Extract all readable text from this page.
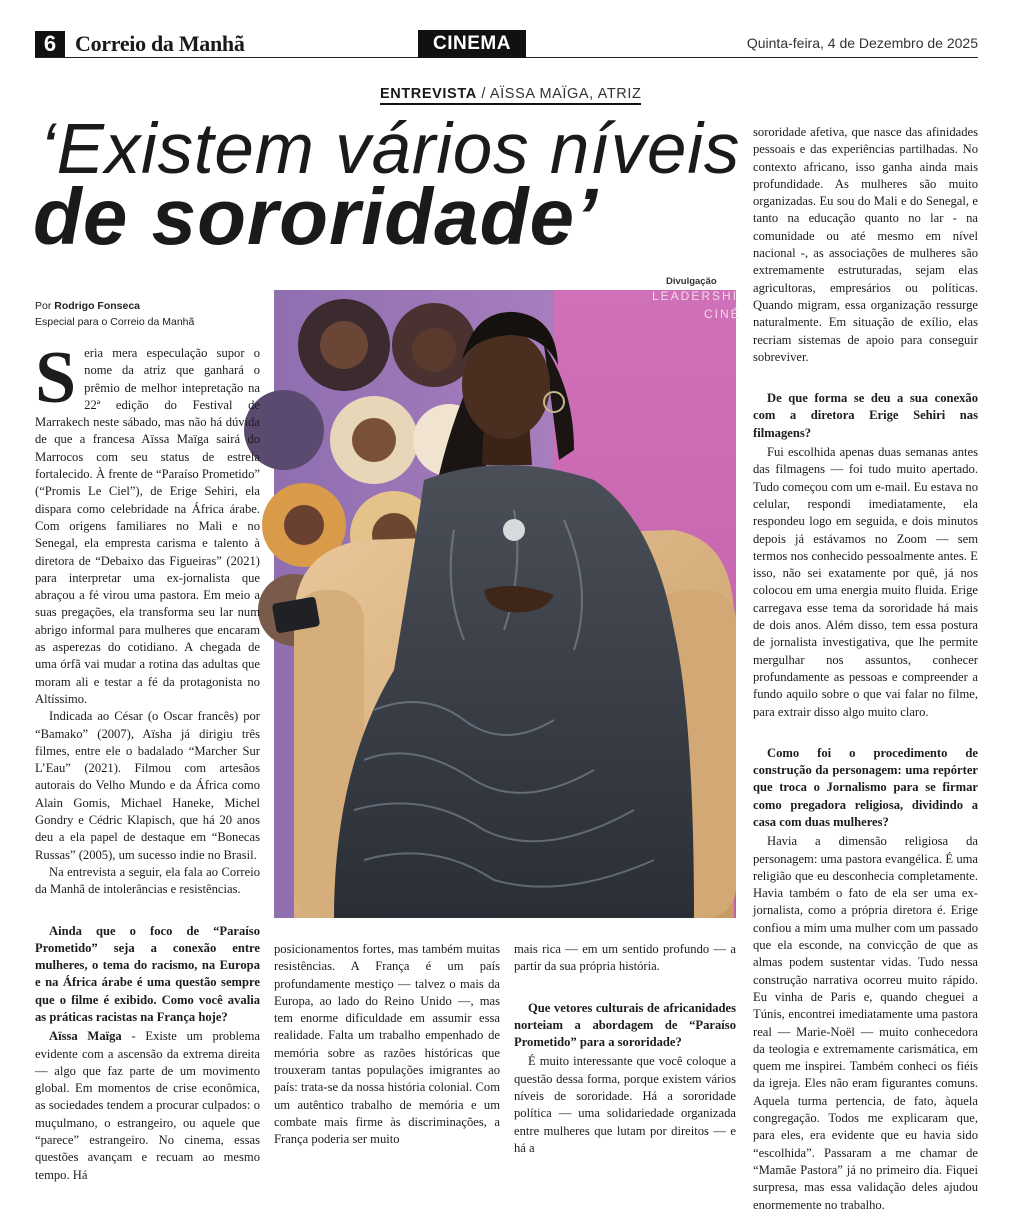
6 Correio da Manhã	CINEMA	Quinta-feira, 4 de Dezembro de 2025
ENTREVISTA / AÏSSA MAÏGA, ATRIZ
‘Existem vários níveis
de sororidade’
Por Rodrigo Fonseca
Especial para o Correio da Manhã
Divulgação
LEADERSHI
CINÉ

Seria mera especulação supor o nome da atriz que ganhará o prêmio de melhor intepretação na 22ª edição do Festival de Marrakech neste sábado, mas não há dúvida de que a francesa Aïssa Maïga sairá do Marrocos com seu status de estrela fortalecido. À frente de “Paraíso Prometido” (“Promis Le Ciel”), de Erige Sehiri, ela dispara como celebridade na África árabe. Com origens familiares no Mali e no Senegal, ela empresta carisma e talento à diretora de “Debaixo das Figueiras” (2021) para interpretar uma ex-jornalista que abraçou a fé virou uma pastora. Em meio a suas pregações, ela transforma seu lar num abrigo informal para mulheres que encaram as asperezas do cotidiano. A chegada de uma órfã vai mudar a rotina das adultas que moram ali e testar a fé da protagonista no Altíssimo.

Indicada ao César (o Oscar francês) por “Bamako” (2007), Aïsha já dirigiu três filmes, entre ele o badalado “Marcher Sur L’Eau” (2021). Filmou com artesãos autorais do Velho Mundo e da África como Alain Gomis, Michael Haneke, Michel Gondry e Cédric Klapisch, que há 20 anos deu a ela papel de destaque em “Bonecas Russas” (2005), um sucesso indie no Brasil.

Na entrevista a seguir, ela fala ao Correio da Manhã de intolerâncias e resistências.

Ainda que o foco de “Paraíso Prometido” seja a conexão entre mulheres, o tema do racismo, na Europa e na África árabe é uma questão sempre que o filme é exibido. Como você avalia as práticas racistas na França hoje?

Aïssa Maïga - Existe um problema evidente com a ascensão da extrema direita — algo que faz parte de um movimento global. Em momentos de crise econômica, as sociedades tendem a procurar culpados: o muçulmano, o estrangeiro, ou aquele que “parece” estrangeiro. No cinema, essas questões avançam e recuam ao mesmo tempo. Há

posicionamentos fortes, mas também muitas resistências. A França é um país profundamente mestiço — talvez o mais da Europa, ao lado do Reino Unido —, mas tem enorme dificuldade em assumir essa realidade. Falta um trabalho empenhado de memória sobre as razões históricas que trouxeram tantas populações imigrantes ao país: trata-se da nossa história colonial. Com um autêntico trabalho de memória e um combate mais firme às discriminações, a França poderia ser muito

mais rica — em um sentido profundo — a partir da sua própria história.

Que vetores culturais de africanidades norteiam a abordagem de “Paraíso Prometido” para a sororidade?

É muito interessante que você coloque a questão dessa forma, porque existem vários níveis de sororidade. Há a sororidade política — uma solidariedade organizada entre mulheres que lutam por direitos — e há a

sororidade afetiva, que nasce das afinidades pessoais e das experiências partilhadas. No contexto africano, isso ganha ainda mais profundidade. As mulheres são muito organizadas. Eu sou do Mali e do Senegal, e tanto na educação quanto no lar - na comunidade ou até mesmo em nível nacional -, as associações de mulheres são extremamente estruturadas, sejam elas agricultoras, empresários ou políticas. Quando migram, essa organização ressurge naturalmente. Em situação de exílio, elas recriam sistemas de apoio para conseguir sobreviver.

De que forma se deu a sua conexão com a diretora Erige Sehiri nas filmagens?

Fui escolhida apenas duas semanas antes das filmagens — foi tudo muito apertado. Tudo começou com um e-mail. Eu estava no celular, respondi imediatamente, ela respondeu logo em seguida, e dois minutos depois já estávamos no Zoom — sem termos nos conhecido pessoalmente antes. E isso, não sei exatamente por quê, já nos colocou em uma energia muito fluida. Erige carregava esse tema da sororidade há mais de dois anos. Além disso, tem essa postura de jornalista investigativa, que lhe permite mergulhar nos assuntos, conhecer profundamente as pessoas e compreender a fundo aquilo sobre o que vai falar no filme, para extrair disso algo muito claro.

Como foi o procedimento de construção da personagem: uma repórter que troca o Jornalismo para se firmar como pregadora religiosa, dividindo a casa com duas mulheres?

Havia a dimensão religiosa da personagem: uma pastora evangélica. É uma religião que eu desconhecia completamente. Havia também o fato de ela ser uma ex-jornalista, como a própria diretora é. Erige confiou a mim uma mulher com um passado que ela esconde, na convicção de que as almas podem sustentar vidas. Tudo nessa construção narrativa ocorreu muito rápido. Eu vinha de Paris e, quando cheguei a Túnis, encontrei imediatamente uma pastora real — Marie-Noël — muito conhecedora da teologia e extremamente carismática, em quem me inspirei. Também conheci os fiéis da igreja. Eles não eram figurantes comuns. Aquela turma pertencia, de fato, àquela congregação. Todos me explicaram que, para eles, era evidente que eu havia sido “escolhida”. Passaram a me chamar de “Mamãe Pastora” já no primeiro dia. Fiquei surpresa, mas essa validação deles ajudou enormemente no trabalho.
